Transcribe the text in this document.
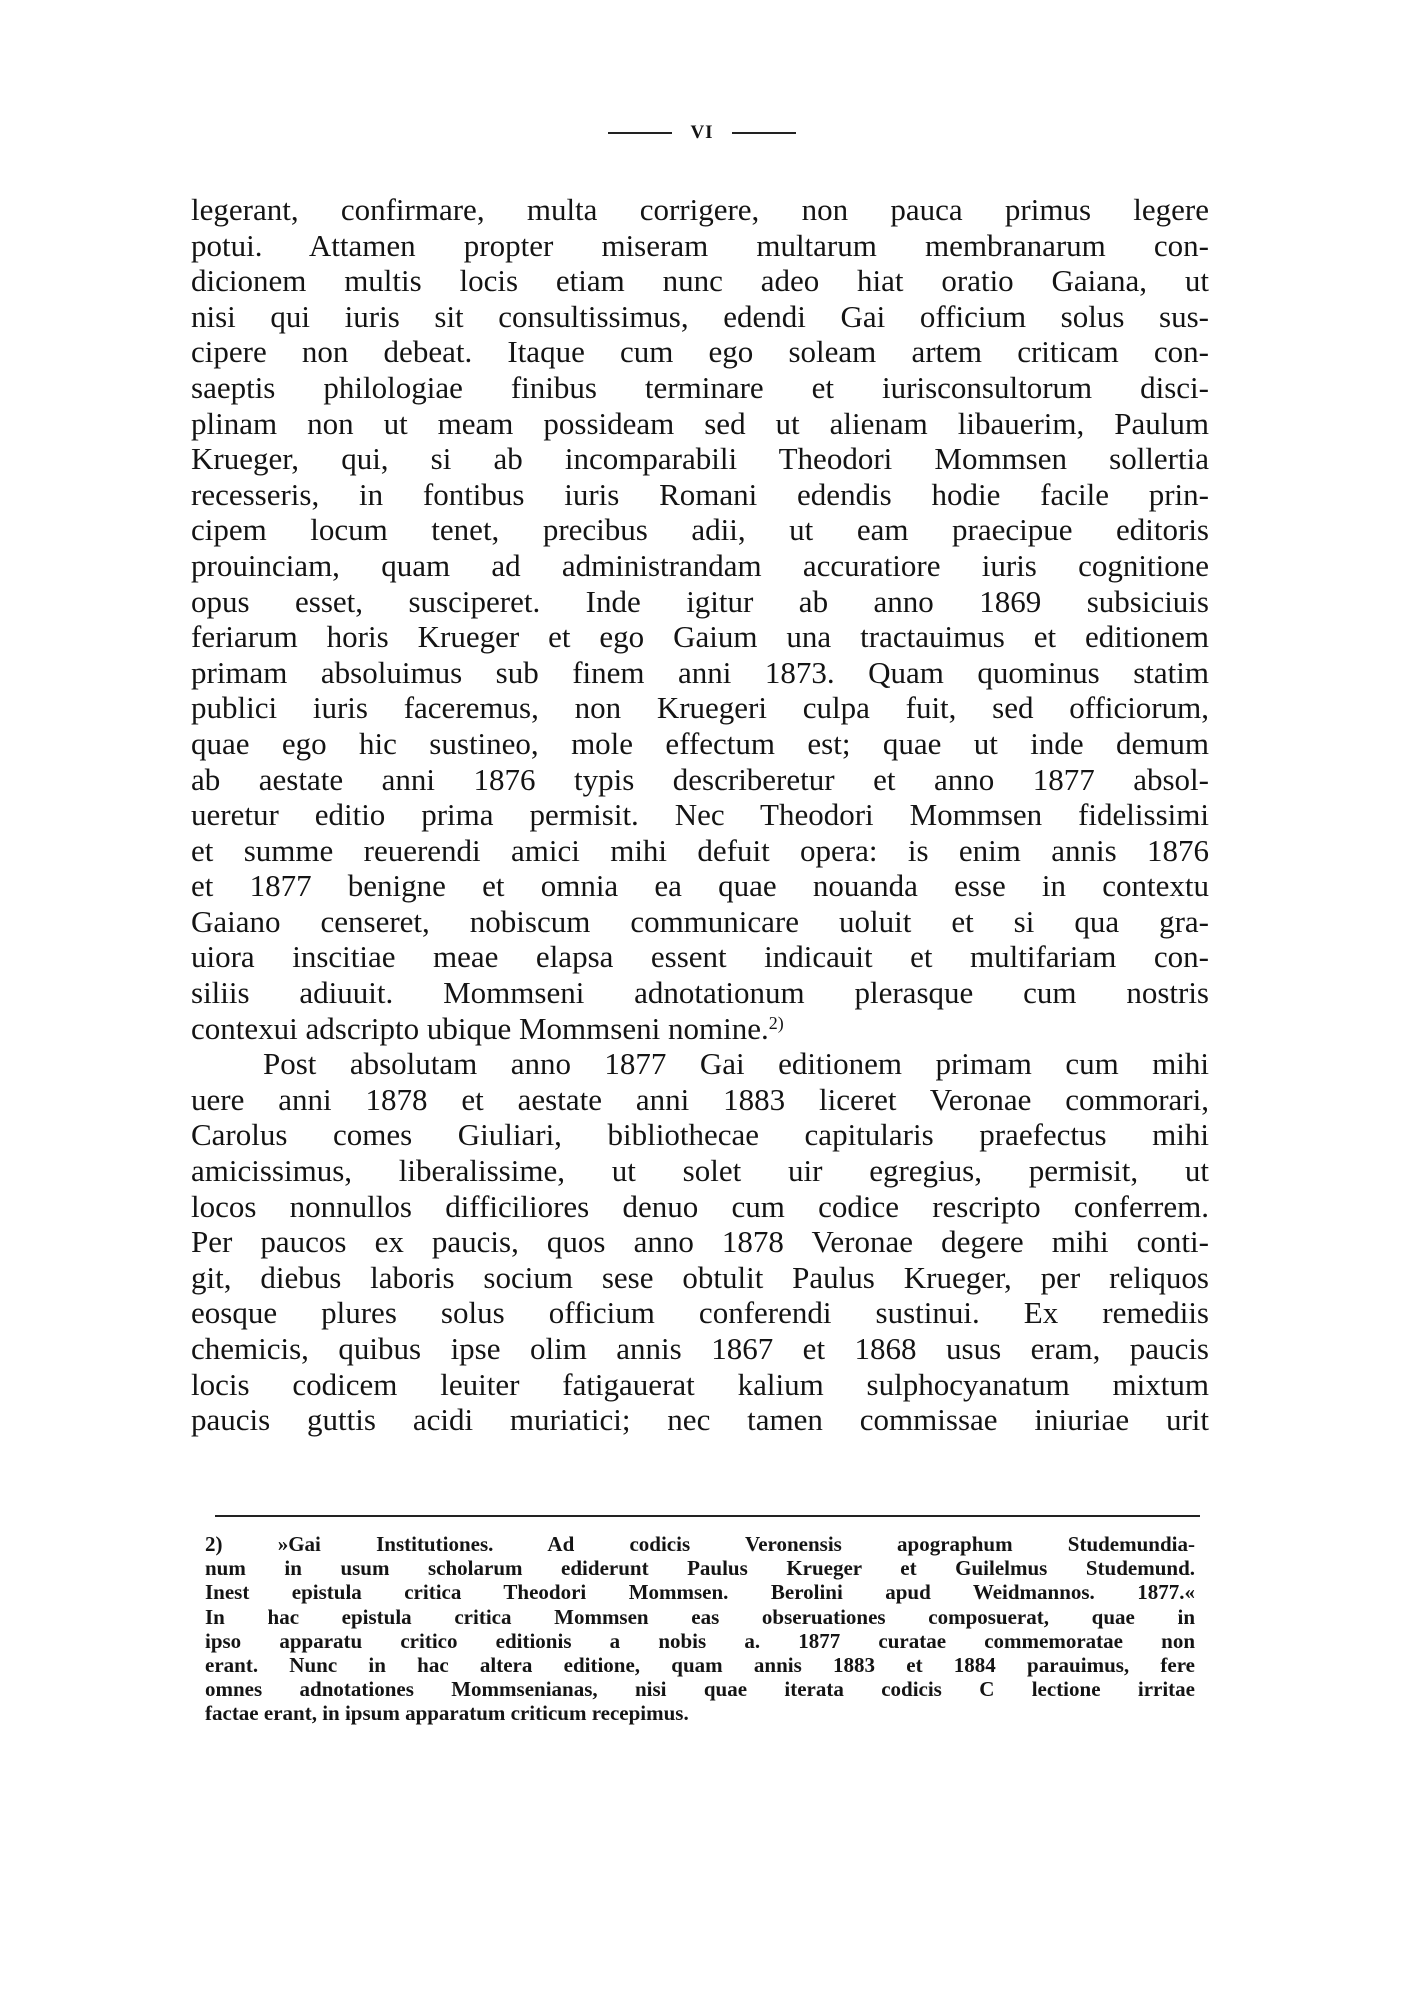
VI
legerant, confirmare, multa corrigere, non pauca primus legere
potui. Attamen propter miseram multarum membranarum con-
dicionem multis locis etiam nunc adeo hiat oratio Gaiana, ut
nisi qui iuris sit consultissimus, edendi Gai officium solus sus-
cipere non debeat. Itaque cum ego soleam artem criticam con-
saeptis philologiae finibus terminare et iurisconsultorum disci-
plinam non ut meam possideam sed ut alienam libauerim, Paulum
Krueger, qui, si ab incomparabili Theodori Mommsen sollertia
recesseris, in fontibus iuris Romani edendis hodie facile prin-
cipem locum tenet, precibus adii, ut eam praecipue editoris
prouinciam, quam ad administrandam accuratiore iuris cognitione
opus esset, susciperet. Inde igitur ab anno 1869 subsiciuis
feriarum horis Krueger et ego Gaium una tractauimus et editionem
primam absoluimus sub finem anni 1873. Quam quominus statim
publici iuris faceremus, non Kruegeri culpa fuit, sed officiorum,
quae ego hic sustineo, mole effectum est; quae ut inde demum
ab aestate anni 1876 typis describeretur et anno 1877 absol-
ueretur editio prima permisit. Nec Theodori Mommsen fidelissimi
et summe reuerendi amici mihi defuit opera: is enim annis 1876
et 1877 benigne et omnia ea quae nouanda esse in contextu
Gaiano censeret, nobiscum communicare uoluit et si qua gra-
uiora inscitiae meae elapsa essent indicauit et multifariam con-
siliis adiuuit. Mommseni adnotationum plerasque cum nostris
contexui adscripto ubique Mommseni nomine.$^{2)}$
Post absolutam anno 1877 Gai editionem primam cum mihi
uere anni 1878 et aestate anni 1883 liceret Veronae commorari,
Carolus comes Giuliari, bibliothecae capitularis praefectus mihi
amicissimus, liberalissime, ut solet uir egregius, permisit, ut
locos nonnullos difficiliores denuo cum codice rescripto conferrem.
Per paucos ex paucis, quos anno 1878 Veronae degere mihi conti-
git, diebus laboris socium sese obtulit Paulus Krueger, per reliquos
eosque plures solus officium conferendi sustinui. Ex remediis
chemicis, quibus ipse olim annis 1867 et 1868 usus eram, paucis
locis codicem leuiter fatigauerat kalium sulphocyanatum mixtum
paucis guttis acidi muriatici; nec tamen commissae iniuriae urit
2) »Gai Institutiones. Ad codicis Veronensis apographum Studemundia-
num in usum scholarum ediderunt Paulus Krueger et Guilelmus Studemund.
Inest epistula critica Theodori Mommsen. Berolini apud Weidmannos. 1877.«
In hac epistula critica Mommsen eas obseruationes composuerat, quae in
ipso apparatu critico editionis a nobis a. 1877 curatae commemoratae non
erant. Nunc in hac altera editione, quam annis 1883 et 1884 parauimus, fere
omnes adnotationes Mommsenianas, nisi quae iterata codicis C lectione irritae
factae erant, in ipsum apparatum criticum recepimus.
